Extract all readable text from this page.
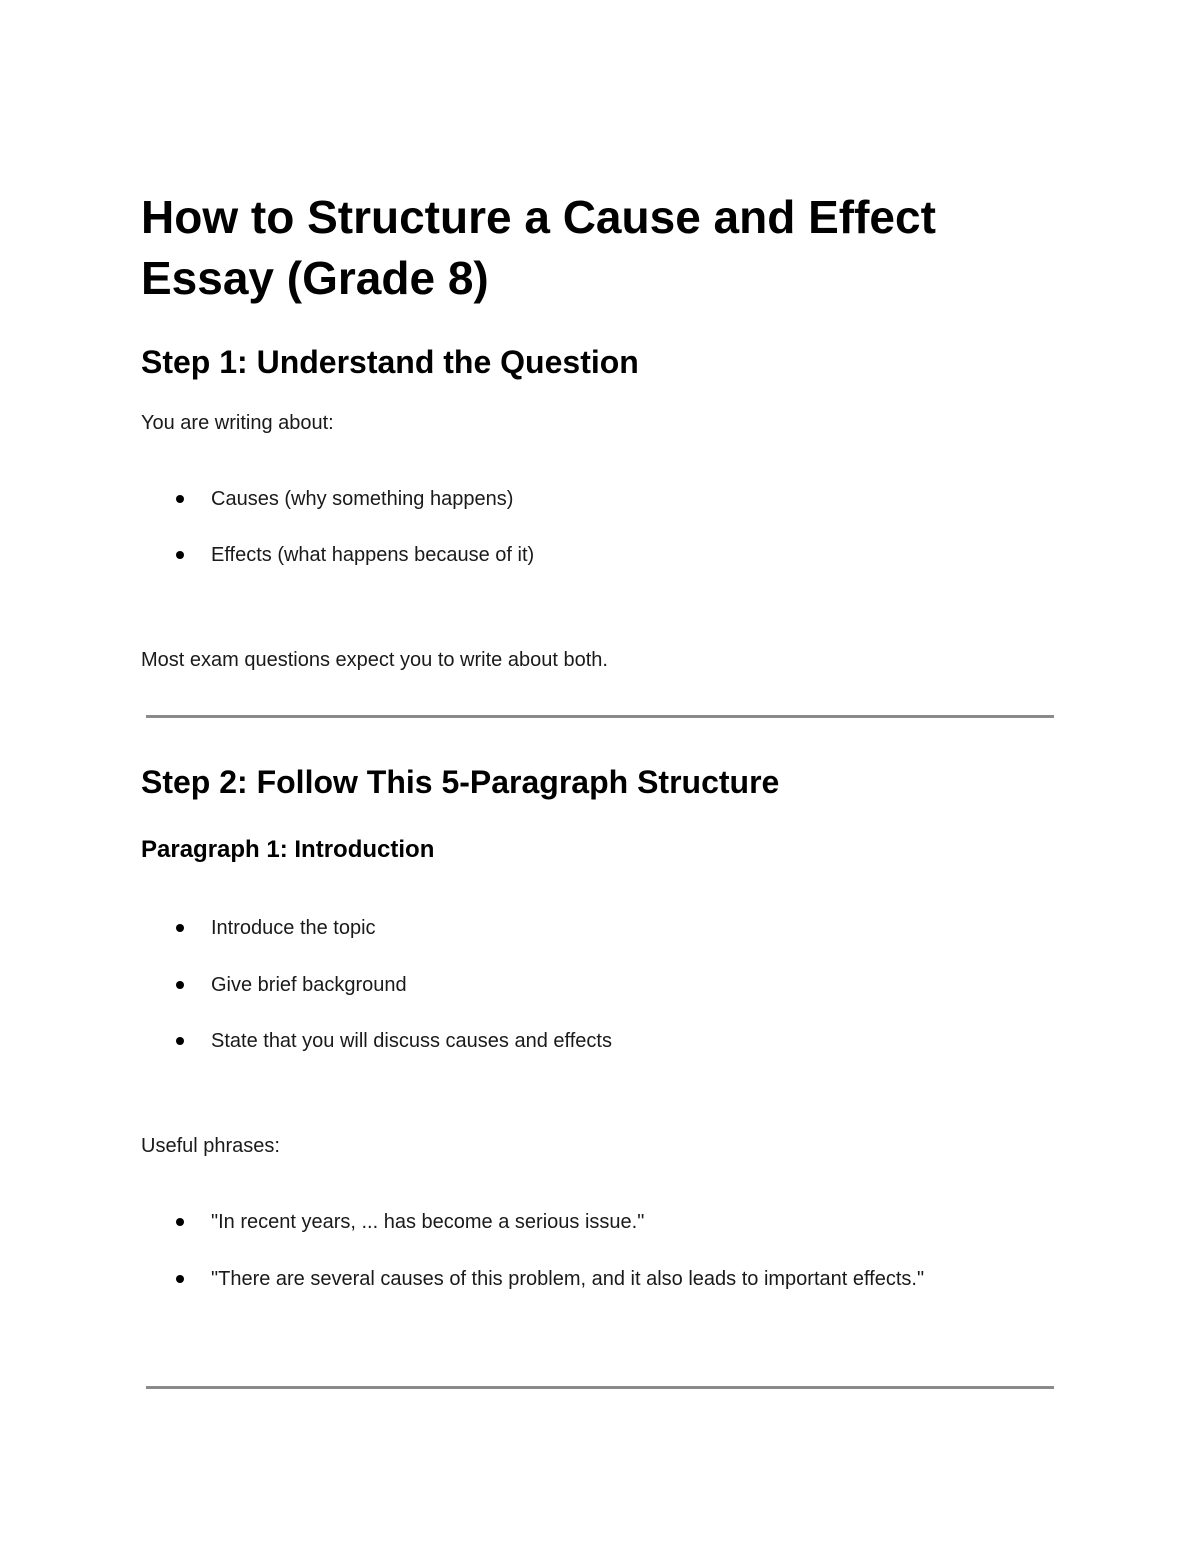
How to Structure a Cause and Effect Essay (Grade 8)
Step 1: Understand the Question

You are writing about:

Causes (why something happens)
Effects (what happens because of it)

Most exam questions expect you to write about both.

Step 2: Follow This 5-Paragraph Structure
Paragraph 1: Introduction
Introduce the topic
Give brief background
State that you will discuss causes and effects

Useful phrases:

"In recent years, ... has become a serious issue."
"There are several causes of this problem, and it also leads to important effects."
